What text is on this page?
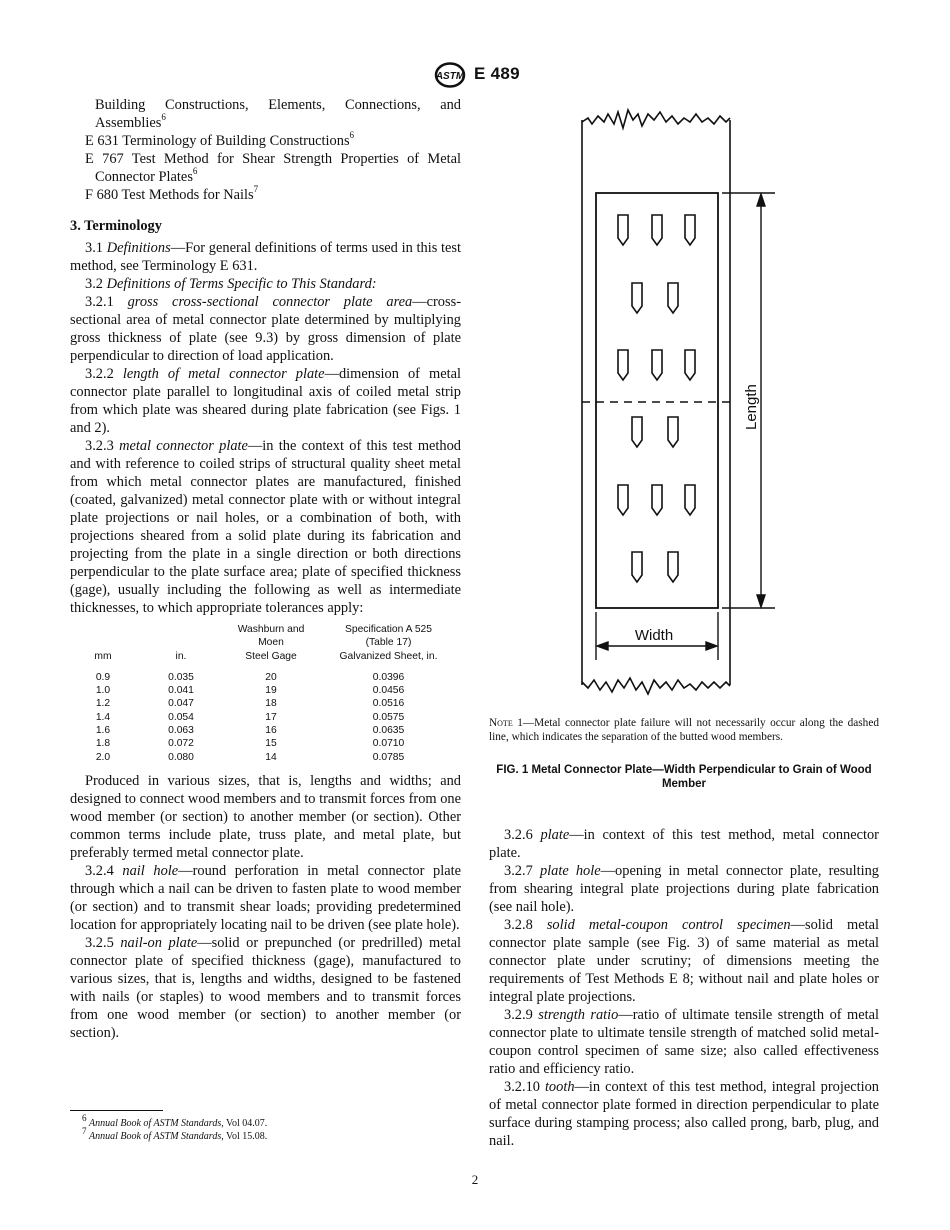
ASTM E 489

Building Constructions, Elements, Connections, and Assemblies$^6$

E 631 Terminology of Building Constructions$^6$

E 767 Test Method for Shear Strength Properties of Metal Connector Plates$^6$

F 680 Test Methods for Nails$^7$

3. Terminology

3.1 Definitions—For general definitions of terms used in this test method, see Terminology E 631.

3.2 Definitions of Terms Specific to This Standard:

3.2.1 gross cross-sectional connector plate area—cross-sectional area of metal connector plate determined by multiplying gross thickness of plate (see 9.3) by gross dimension of plate perpendicular to direction of load application.

3.2.2 length of metal connector plate—dimension of metal connector plate parallel to longitudinal axis of coiled metal strip from which plate was sheared during plate fabrication (see Figs. 1 and 2).

3.2.3 metal connector plate—in the context of this test method and with reference to coiled strips of structural quality sheet metal from which metal connector plates are manufactured, finished (coated, galvanized) metal connector plate with or without integral plate projections or nail holes, or a combination of both, with projections sheared from a solid plate during its fabrication and projecting from the plate in a single direction or both directions perpendicular to the plate surface area; plate of specified thickness (gage), usually including the following as well as intermediate thicknesses, to which appropriate tolerances apply:

		Washburn and	Specification A 525
		Moen	(Table 17)
mm	in.	Steel Gage	Galvanized Sheet, in.

0.9	0.035	20	0.0396
1.0	0.041	19	0.0456
1.2	0.047	18	0.0516
1.4	0.054	17	0.0575
1.6	0.063	16	0.0635
1.8	0.072	15	0.0710
2.0	0.080	14	0.0785

Produced in various sizes, that is, lengths and widths; and designed to connect wood members and to transmit forces from one wood member (or section) to another member (or section). Other common terms include plate, truss plate, and metal plate, but preferably termed metal connector plate.

3.2.4 nail hole—round perforation in metal connector plate through which a nail can be driven to fasten plate to wood member (or section) and to transmit shear loads; providing predetermined location for appropriately locating nail to be driven (see plate hole).

3.2.5 nail-on plate—solid or prepunched (or predrilled) metal connector plate of specified thickness (gage), manufactured to various sizes, that is, lengths and widths, designed to be fastened with nails (or staples) to wood members and to transmit forces from one wood member (or section) to another member (or section).

Length
Width
Note 1—Metal connector plate failure will not necessarily occur along the dashed line, which indicates the separation of the butted wood members.
FIG. 1 Metal Connector Plate—Width Perpendicular to Grain of Wood Member

3.2.6 plate—in context of this test method, metal connector plate.

3.2.7 plate hole—opening in metal connector plate, resulting from shearing integral plate projections during plate fabrication (see nail hole).

3.2.8 solid metal-coupon control specimen—solid metal connector plate sample (see Fig. 3) of same material as metal connector plate under scrutiny; of dimensions meeting the requirements of Test Methods E 8; without nail and plate holes or integral plate projections.

3.2.9 strength ratio—ratio of ultimate tensile strength of metal connector plate to ultimate tensile strength of matched solid metal-coupon control specimen of same size; also called effectiveness ratio and efficiency ratio.

3.2.10 tooth—in context of this test method, integral projection of metal connector plate formed in direction perpendicular to plate surface during stamping process; also called prong, barb, plug, and nail.

$^6$ Annual Book of ASTM Standards, Vol 04.07.

$^7$ Annual Book of ASTM Standards, Vol 15.08.

2
